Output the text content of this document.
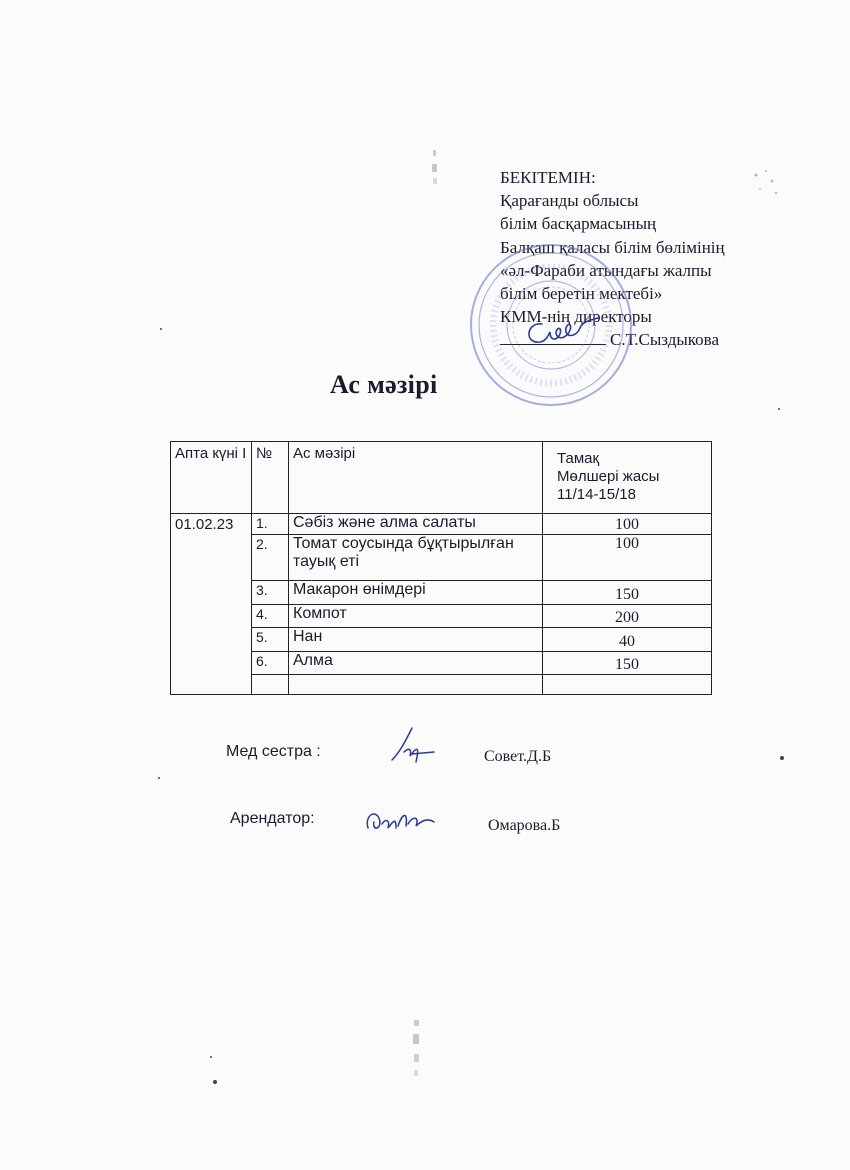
БЕКІТЕМІН:
Қарағанды облысы
білім басқармасының
Балқаш қаласы білім бөлімінің
«әл-Фараби атындағы жалпы
білім беретін мектебі»
КММ-нің директоры
С.Т.Сыздыкова
Ас мәзірі
Апта күні I	№	Ас мәзірі	Тамақ
Мөлшері жасы
11/14-15/18

01.02.23	1.	Сәбіз және алма салаты	100
	2.	Томат соусында бұқтырылған тауық еті	100
	3.	Макарон өнімдері	150
	4.	Компот	200
	5.	Нан	40
	6.	Алма	150

Мед сестра :	Совет.Д.Б
Арендатор:	Омарова.Б
